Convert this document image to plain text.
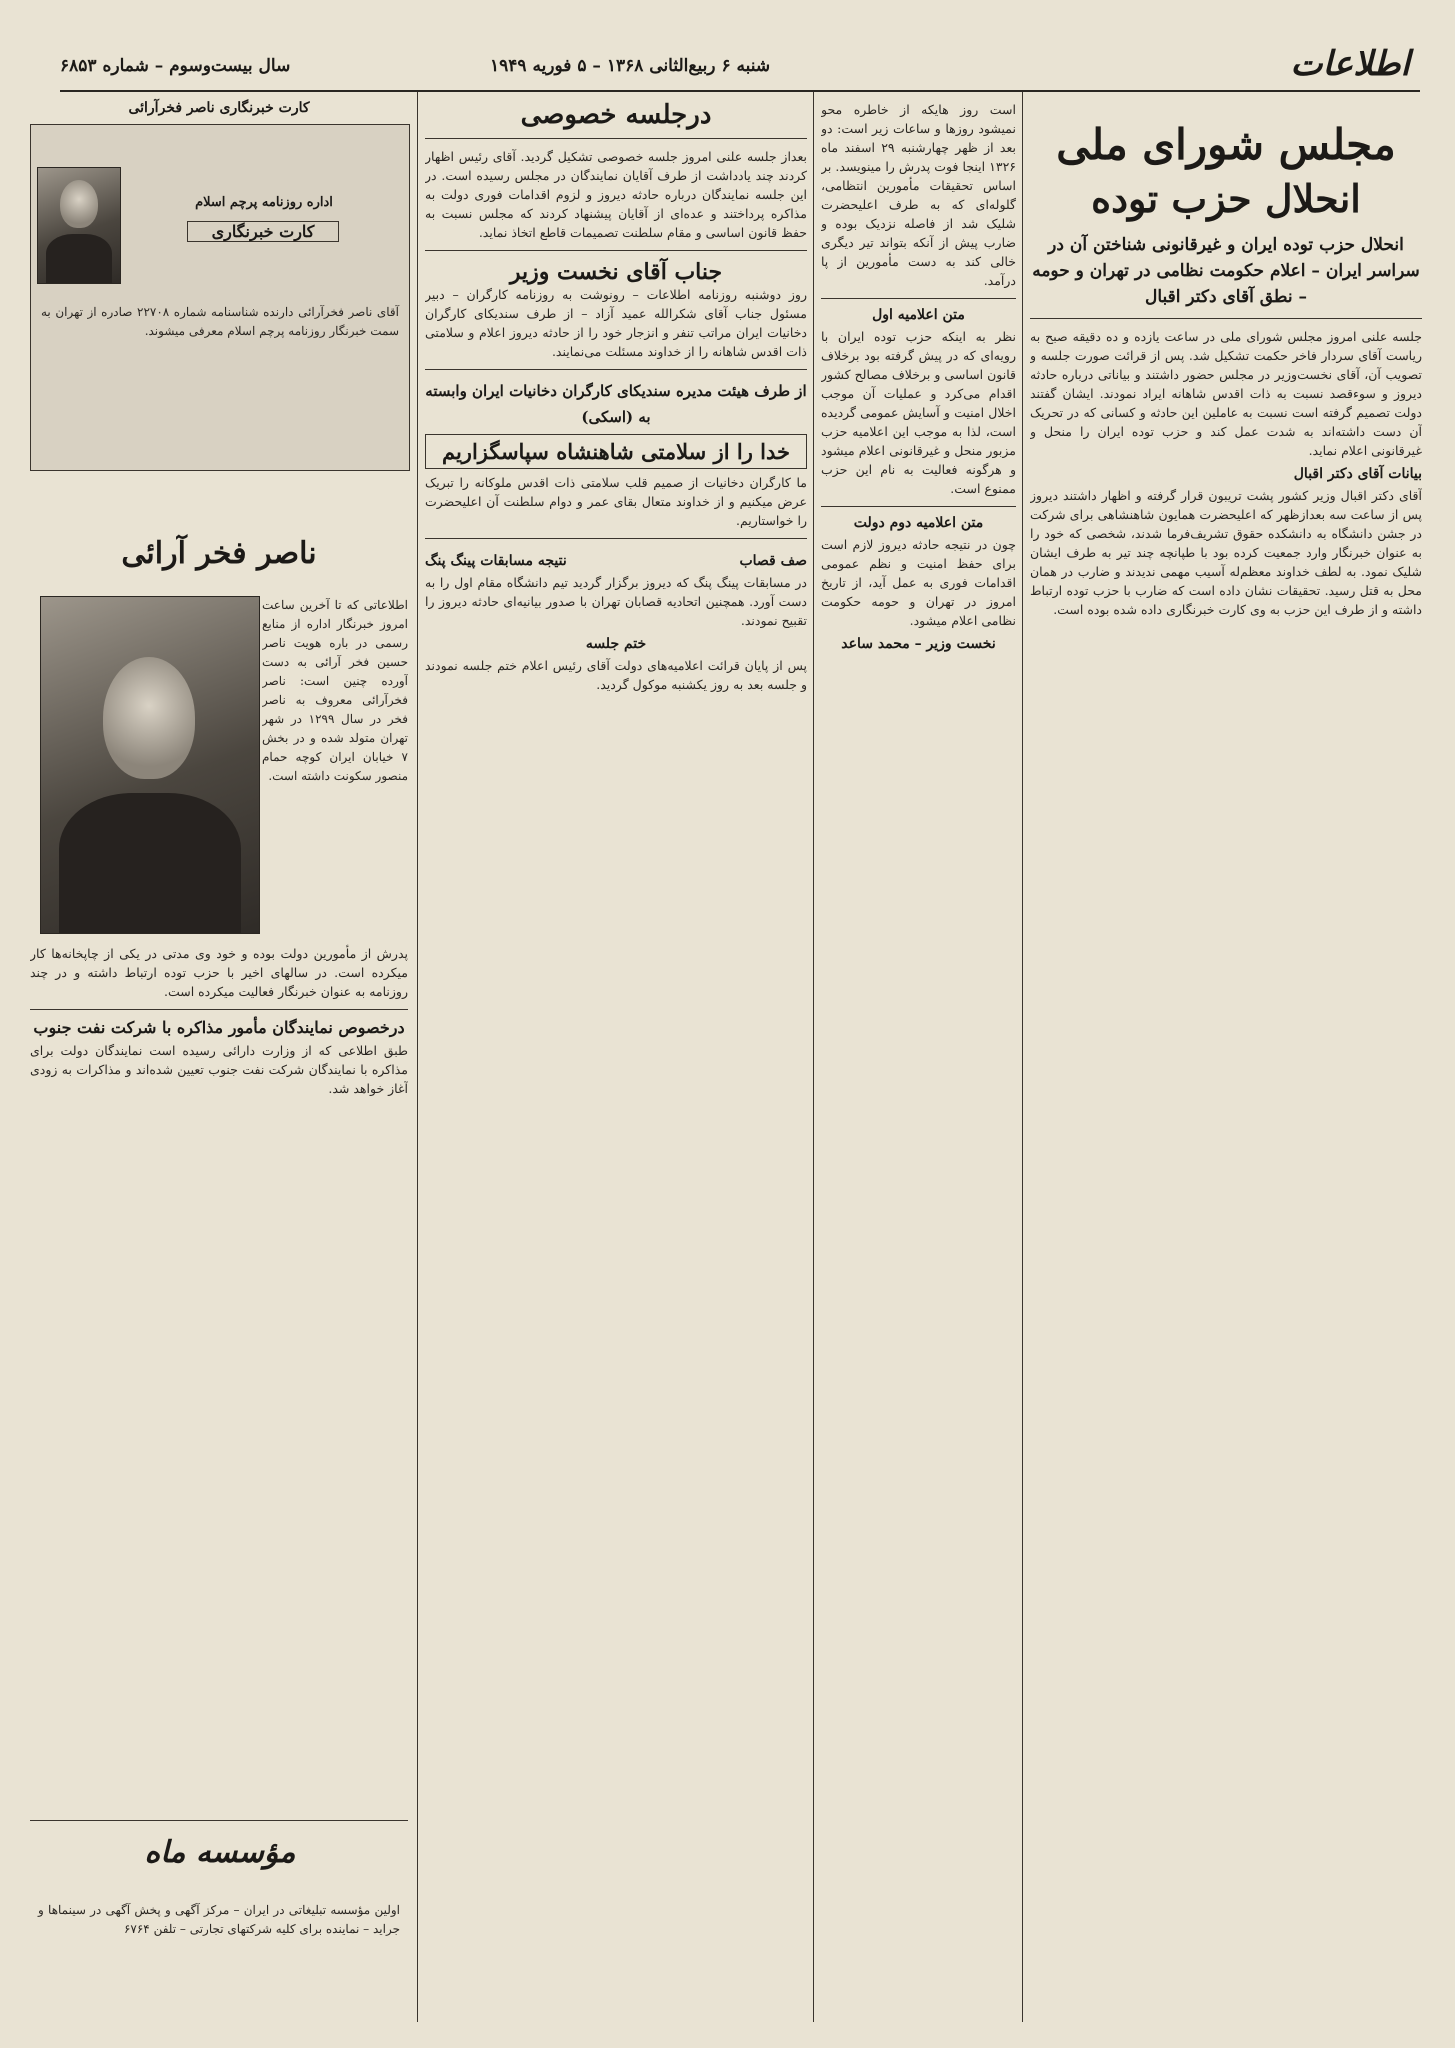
سال بیست‌وسوم – شماره ۶۸۵۳	شنبه ۶ ربیع‌الثانی ۱۳۶۸ – ۵ فوریه ۱۹۴۹	اطلاعات
مجلس شورای ملی
انحلال حزب توده
انحلال حزب توده ایران و غیرقانونی شناختن آن در سراسر ایران – اعلام حکومت نظامی در تهران و حومه – نطق آقای دکتر اقبال
جلسه علنی امروز مجلس شورای ملی در ساعت یازده و ده دقیقه صبح به ریاست آقای سردار فاخر حکمت تشکیل شد. پس از قرائت صورت جلسه و تصویب آن، آقای نخست‌وزیر در مجلس حضور داشتند و بیاناتی درباره حادثه دیروز و سوءقصد نسبت به ذات اقدس شاهانه ایراد نمودند. ایشان گفتند دولت تصمیم گرفته است نسبت به عاملین این حادثه و کسانی که در تحریک آن دست داشته‌اند به شدت عمل کند و حزب توده ایران را منحل و غیرقانونی اعلام نماید.
بیانات آقای دکتر اقبال
آقای دکتر اقبال وزیر کشور پشت تریبون قرار گرفته و اظهار داشتند دیروز پس از ساعت سه بعدازظهر که اعلیحضرت همایون شاهنشاهی برای شرکت در جشن دانشگاه به دانشکده حقوق تشریف‌فرما شدند، شخصی که خود را به عنوان خبرنگار وارد جمعیت کرده بود با طپانچه چند تیر به طرف ایشان شلیک نمود. به لطف خداوند معظم‌له آسیب مهمی ندیدند و ضارب در همان محل به قتل رسید. تحقیقات نشان داده است که ضارب با حزب توده ارتباط داشته و از طرف این حزب به وی کارت خبرنگاری داده شده بوده است.
است روز هایکه از خاطره محو نمیشود روزها و ساعات زیر است: دو بعد از ظهر چهارشنبه ۲۹ اسفند ماه ۱۳۲۶ اینجا فوت پدرش را مینویسد. بر اساس تحقیقات مأمورین انتظامی، گلوله‌ای که به طرف اعلیحضرت شلیک شد از فاصله نزدیک بوده و ضارب پیش از آنکه بتواند تیر دیگری خالی کند به دست مأمورین از پا درآمد.
متن اعلامیه اول
نظر به اینکه حزب توده ایران با رویه‌ای که در پیش گرفته بود برخلاف قانون اساسی و برخلاف مصالح کشور اقدام می‌کرد و عملیات آن موجب اخلال امنیت و آسایش عمومی گردیده است، لذا به موجب این اعلامیه حزب مزبور منحل و غیرقانونی اعلام میشود و هرگونه فعالیت به نام این حزب ممنوع است.
متن اعلامیه دوم دولت
چون در نتیجه حادثه دیروز لازم است برای حفظ امنیت و نظم عمومی اقدامات فوری به عمل آید، از تاریخ امروز در تهران و حومه حکومت نظامی اعلام میشود.
نخست وزیر – محمد ساعد
درجلسه خصوصی
بعداز جلسه علنی امروز جلسه خصوصی تشکیل گردید. آقای رئیس اظهار کردند چند یادداشت از طرف آقایان نمایندگان در مجلس رسیده است. در این جلسه نمایندگان درباره حادثه دیروز و لزوم اقدامات فوری دولت به مذاکره پرداختند و عده‌ای از آقایان پیشنهاد کردند که مجلس نسبت به حفظ قانون اساسی و مقام سلطنت تصمیمات قاطع اتخاذ نماید.
جناب آقای نخست وزیر
روز دوشنبه روزنامه اطلاعات – رونوشت به روزنامه کارگران – دبیر مسئول جناب آقای شکرالله عمید آزاد – از طرف سندیکای کارگران دخانیات ایران مراتب تنفر و انزجار خود را از حادثه دیروز اعلام و سلامتی ذات اقدس شاهانه را از خداوند مسئلت می‌نمایند.
از طرف هیئت مدیره سندیکای کارگران دخانیات ایران وابسته به (اسکی)
خدا را از سلامتی شاهنشاه سپاسگزاریم
ما کارگران دخانیات از صمیم قلب سلامتی ذات اقدس ملوکانه را تبریک عرض میکنیم و از خداوند متعال بقای عمر و دوام سلطنت آن اعلیحضرت را خواستاریم.
صف قصاب
نتیجه مسابقات پینگ پنگ
در مسابقات پینگ پنگ که دیروز برگزار گردید تیم دانشگاه مقام اول را به دست آورد. همچنین اتحادیه قصابان تهران با صدور بیانیه‌ای حادثه دیروز را تقبیح نمودند.
ختم جلسه
پس از پایان قرائت اعلامیه‌های دولت آقای رئیس اعلام ختم جلسه نمودند و جلسه بعد به روز یکشنبه موکول گردید.
کارت خبرنگاری ناصر فخرآرائی
اداره روزنامه پرچم اسلام
کارت خبرنگاری
آقای ناصر فخرآرائی دارنده شناسنامه شماره ۲۲۷۰۸ صادره از تهران به سمت خبرنگار روزنامه پرچم اسلام معرفی میشوند.
ناصر فخر آرائی
اطلاعاتی که تا آخرین ساعت امروز خبرنگار اداره از منابع رسمی در باره هویت ناصر حسین فخر آرائی به دست آورده چنین است: ناصر فخرآرائی معروف به ناصر فخر در سال ۱۲۹۹ در شهر تهران متولد شده و در بخش ۷ خیابان ایران کوچه حمام منصور سکونت داشته است.
پدرش از مأمورین دولت بوده و خود وی مدتی در یکی از چاپخانه‌ها کار میکرده است. در سالهای اخیر با حزب توده ارتباط داشته و در چند روزنامه به عنوان خبرنگار فعالیت میکرده است.
درخصوص نمایندگان مأمور مذاکره با شرکت نفت جنوب
طبق اطلاعی که از وزارت دارائی رسیده است نمایندگان دولت برای مذاکره با نمایندگان شرکت نفت جنوب تعیین شده‌اند و مذاکرات به زودی آغاز خواهد شد.
مؤسسه ماه
اولین مؤسسه تبلیغاتی در ایران – مرکز آگهی و پخش آگهی در سینماها و جراید – نماینده برای کلیه شرکتهای تجارتی – تلفن ۶۷۶۴
